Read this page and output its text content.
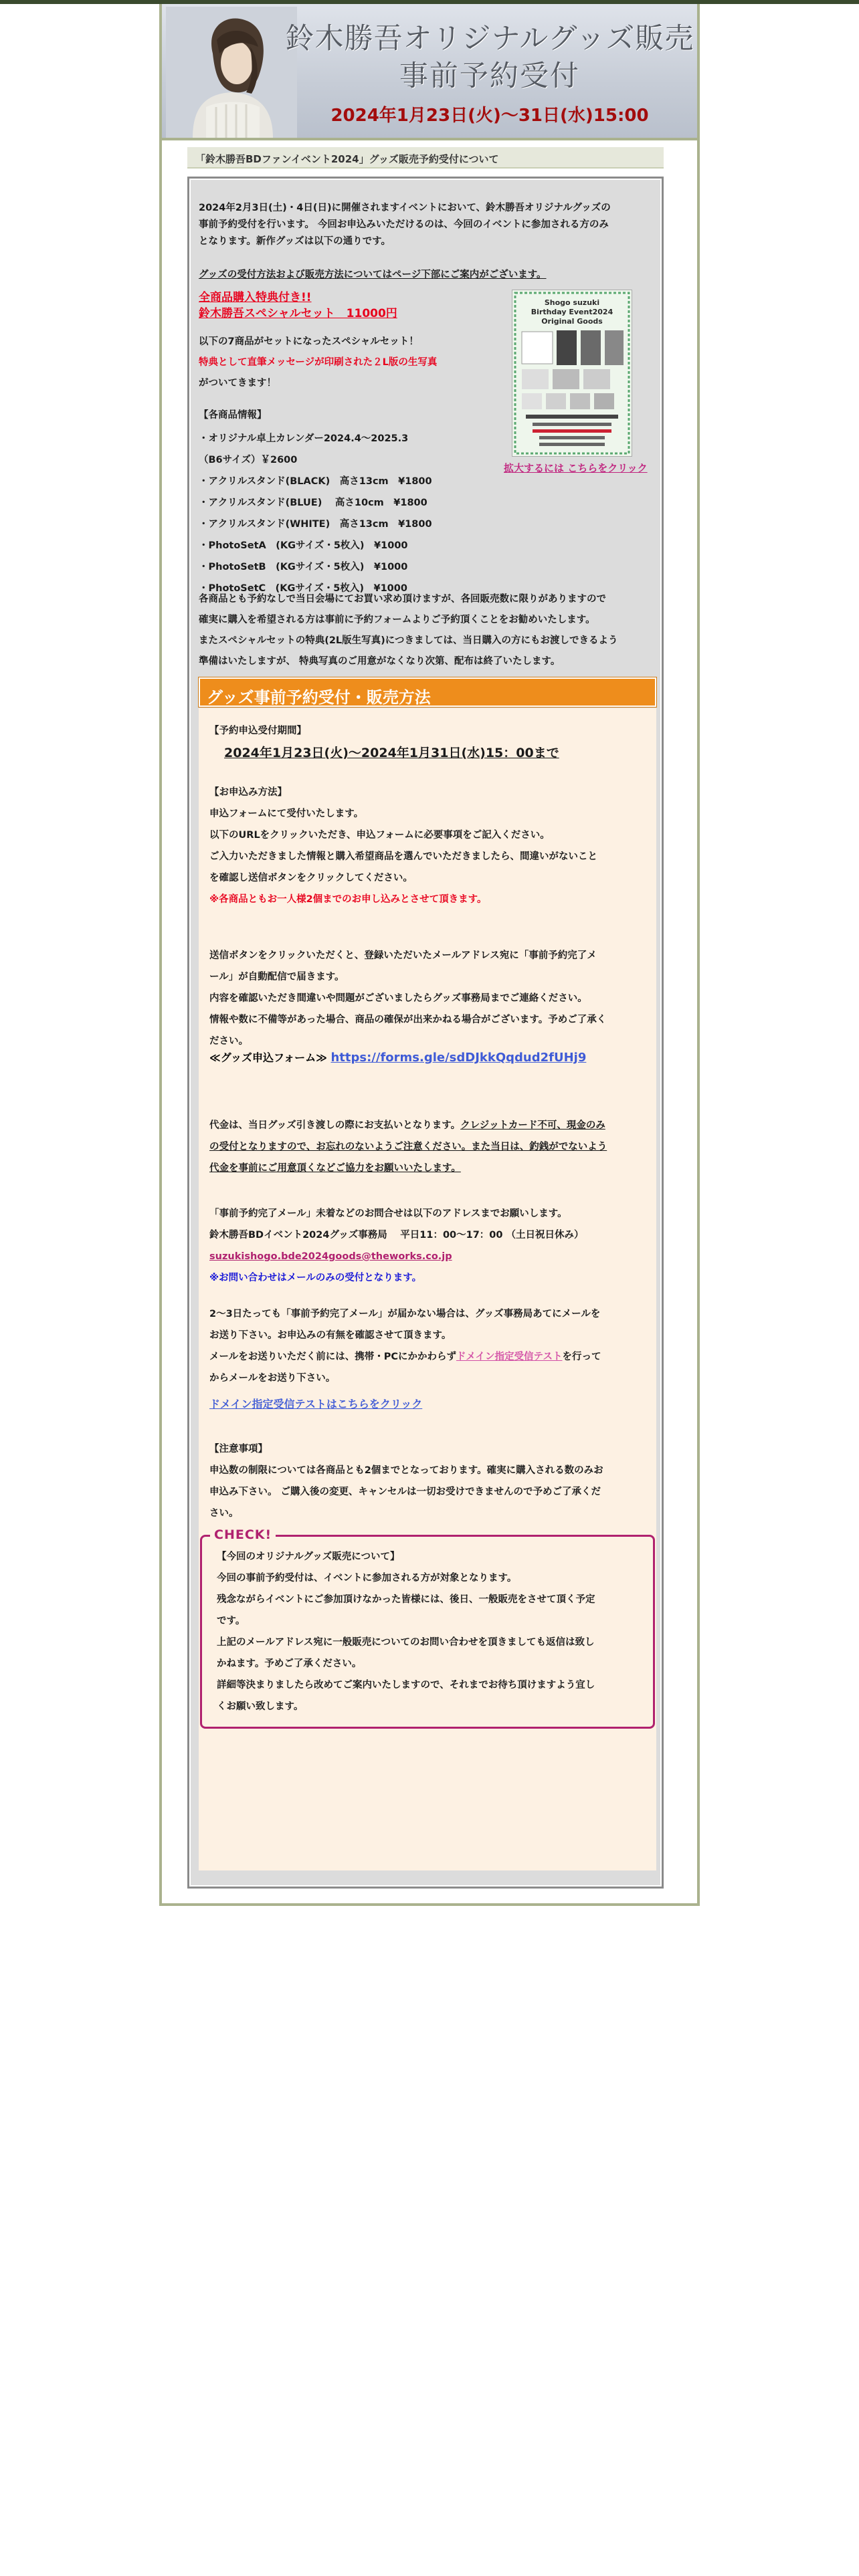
鈴木勝吾オリジナルグッズ販売
事前予約受付
2024年1月23日(火)〜31日(水)15:00
「鈴木勝吾BDファンイベント2024」グッズ販売予約受付について
2024年2月3日(土)・4日(日)に開催されますイベントにおいて、鈴木勝吾オリジナルグッズの
事前予約受付を行います。 今回お申込みいただけるのは、今回のイベントに参加される方のみ
となります。新作グッズは以下の通りです。
グッズの受付方法および販売方法についてはページ下部にご案内がございます。
全商品購入特典付き!!
鈴木勝吾スペシャルセット　11000円
以下の7商品がセットになったスペシャルセット！
特典として直筆メッセージが印刷された２L版の生写真
がついてきます！
Shogo suzuki
Birthday Event2024
Original Goods
拡大するには こちらをクリック
【各商品情報】
・オリジナル卓上カレンダー2024.4〜2025.3
（B6サイズ）￥2600
・アクリルスタンド(BLACK)　高さ13cm　¥1800
・アクリルスタンド(BLUE)　 高さ10cm　¥1800
・アクリルスタンド(WHITE)　高さ13cm　¥1800
・PhotoSetA　(KGサイズ・5枚入)　¥1000
・PhotoSetB　(KGサイズ・5枚入)　¥1000
・PhotoSetC　(KGサイズ・5枚入)　¥1000
各商品とも予約なしで当日会場にてお買い求め頂けますが、各回販売数に限りがありますので
確実に購入を希望される方は事前に予約フォームよりご予約頂くことをお勧めいたします。
またスペシャルセットの特典(2L版生写真)につきましては、当日購入の方にもお渡しできるよう
準備はいたしますが、 特典写真のご用意がなくなり次第、配布は終了いたします。
グッズ事前予約受付・販売方法
【予約申込受付期間】
2024年1月23日(火)〜2024年1月31日(水)15：00まで
【お申込み方法】
申込フォームにて受付いたします。
以下のURLをクリックいただき、申込フォームに必要事項をご記入ください。
ご入力いただきました情報と購入希望商品を選んでいただきましたら、間違いがないこと
を確認し送信ボタンをクリックしてください。
※各商品ともお一人様2個までのお申し込みとさせて頂きます。
送信ボタンをクリックいただくと、登録いただいたメールアドレス宛に「事前予約完了メ
ール」が自動配信で届きます。
内容を確認いただき間違いや問題がございましたらグッズ事務局までご連絡ください。
情報や数に不備等があった場合、商品の確保が出来かねる場合がございます。予めご了承く
ださい。
≪グッズ申込フォーム≫ https://forms.gle/sdDJkkQqdud2fUHj9
代金は、当日グッズ引き渡しの際にお支払いとなります。クレジットカード不可、現金のみ
の受付となりますので、お忘れのないようご注意ください。また当日は、釣銭がでないよう
代金を事前にご用意頂くなどご協力をお願いいたします。
「事前予約完了メール」未着などのお問合せは以下のアドレスまでお願いします。
鈴木勝吾BDイベント2024グッズ事務局　 平日11：00〜17：00 （土日祝日休み）
suzukishogo.bde2024goods@theworks.co.jp
※お問い合わせはメールのみの受付となります。
2〜3日たっても「事前予約完了メール」が届かない場合は、グッズ事務局あてにメールを
お送り下さい。お申込みの有無を確認させて頂きます。
メールをお送りいただく前には、携帯・PCにかかわらずドメイン指定受信テストを行って
からメールをお送り下さい。
ドメイン指定受信テストはこちらをクリック
【注意事項】
申込数の制限については各商品とも2個までとなっております。確実に購入される数のみお
申込み下さい。 ご購入後の変更、キャンセルは一切お受けできませんので予めご了承くだ
さい。
CHECK!
【今回のオリジナルグッズ販売について】
今回の事前予約受付は、イベントに参加される方が対象となります。
残念ながらイベントにご参加頂けなかった皆様には、後日、一般販売をさせて頂く予定
です。
上記のメールアドレス宛に一般販売についてのお問い合わせを頂きましても返信は致し
かねます。予めご了承ください。
詳細等決まりましたら改めてご案内いたしますので、それまでお待ち頂けますよう宜し
くお願い致します。
